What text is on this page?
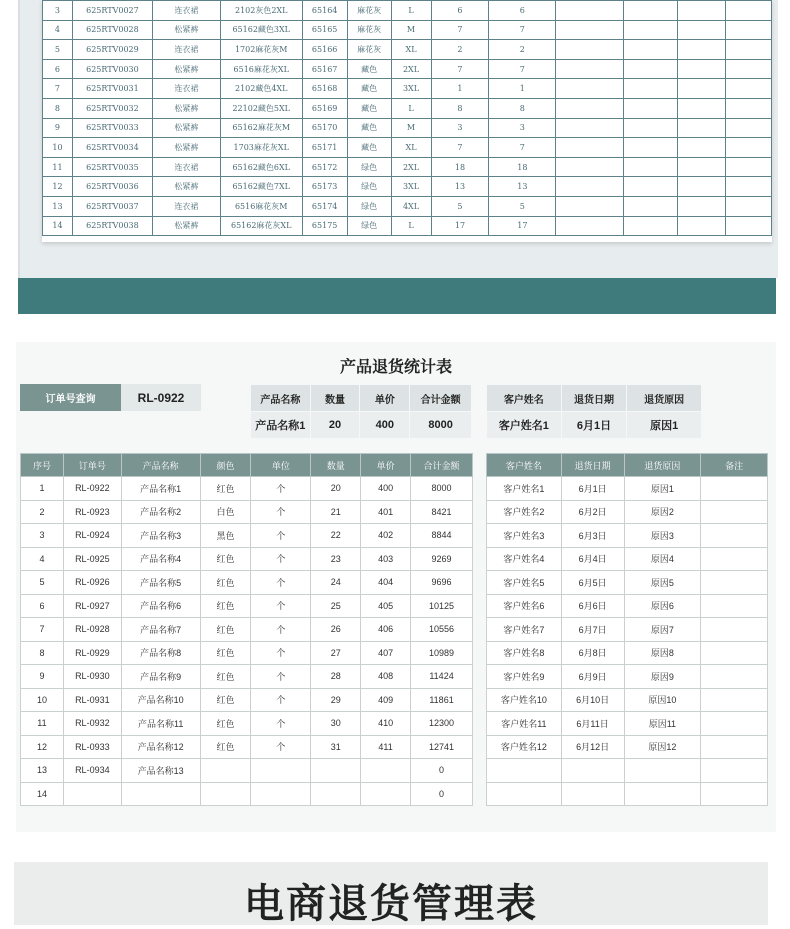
3	625RTV0027	连衣裙	2102灰色2XL	65164	麻花灰	L	6	6				
4	625RTV0028	松紧裤	65162藏色3XL	65165	麻花灰	M	7	7				
5	625RTV0029	连衣裙	1702麻花灰M	65166	麻花灰	XL	2	2				
6	625RTV0030	松紧裤	6516麻花灰XL	65167	藏色	2XL	7	7				
7	625RTV0031	连衣裙	2102藏色4XL	65168	藏色	3XL	1	1				
8	625RTV0032	松紧裤	22102藏色5XL	65169	藏色	L	8	8				
9	625RTV0033	松紧裤	65162麻花灰M	65170	藏色	M	3	3				
10	625RTV0034	松紧裤	1703麻花灰XL	65171	藏色	XL	7	7				
11	625RTV0035	连衣裙	65162藏色6XL	65172	绿色	2XL	18	18				
12	625RTV0036	松紧裤	65162藏色7XL	65173	绿色	3XL	13	13				
13	625RTV0037	连衣裙	6516麻花灰M	65174	绿色	4XL	5	5				
14	625RTV0038	松紧裤	65162麻花灰XL	65175	绿色	L	17	17				
产品退货统计表
订单号查询	RL-0922	产品名称	数量	单价	合计金额
产品名称1	20	400	8000
客户姓名	退货日期	退货原因
客户姓名1	6月1日	原因1
序号	订单号	产品名称	颜色	单位	数量	单价	合计金额
1	RL-0922	产品名称1	红色	个	20	400	8000
2	RL-0923	产品名称2	白色	个	21	401	8421
3	RL-0924	产品名称3	黑色	个	22	402	8844
4	RL-0925	产品名称4	红色	个	23	403	9269
5	RL-0926	产品名称5	红色	个	24	404	9696
6	RL-0927	产品名称6	红色	个	25	405	10125
7	RL-0928	产品名称7	红色	个	26	406	10556
8	RL-0929	产品名称8	红色	个	27	407	10989
9	RL-0930	产品名称9	红色	个	28	408	11424
10	RL-0931	产品名称10	红色	个	29	409	11861
11	RL-0932	产品名称11	红色	个	30	410	12300
12	RL-0933	产品名称12	红色	个	31	411	12741
13	RL-0934	产品名称13					0
14							0
客户姓名	退货日期	退货原因	备注
客户姓名1	6月1日	原因1	
客户姓名2	6月2日	原因2	
客户姓名3	6月3日	原因3	
客户姓名4	6月4日	原因4	
客户姓名5	6月5日	原因5	
客户姓名6	6月6日	原因6	
客户姓名7	6月7日	原因7	
客户姓名8	6月8日	原因8	
客户姓名9	6月9日	原因9	
客户姓名10	6月10日	原因10	
客户姓名11	6月11日	原因11	
客户姓名12	6月12日	原因12	

电商退货管理表
